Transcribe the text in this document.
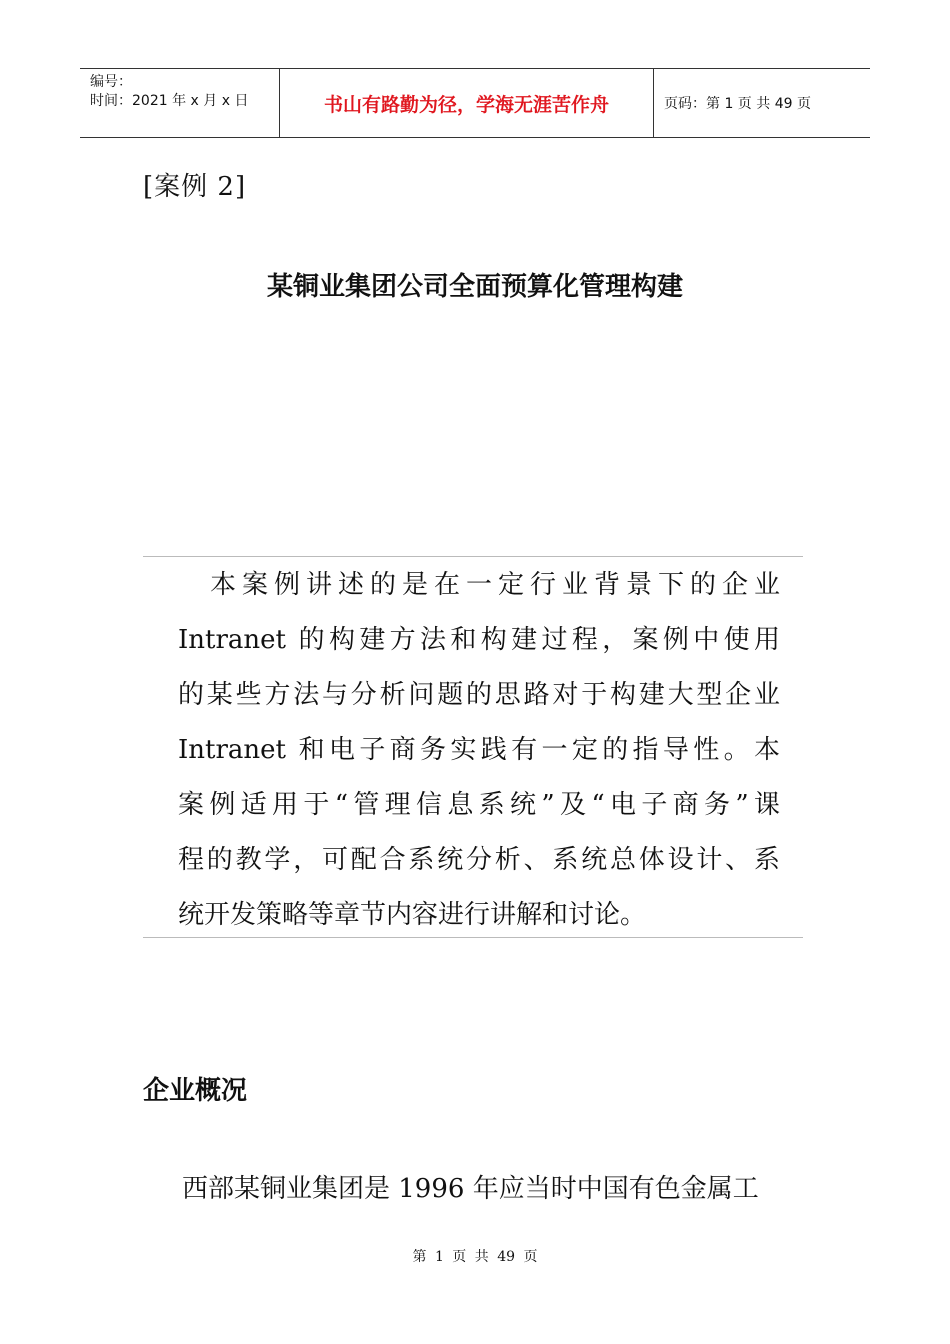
编号：
时间：2021 年 x 月 x 日	书山有路勤为径，学海无涯苦作舟	页码：第 1 页 共 49 页
[案例 2]
某铜业集团公司全面预算化管理构建
本案例讲述的是在一定行业背景下的企业
Intranet 的构建方法和构建过程，案例中使用
的某些方法与分析问题的思路对于构建大型企业
Intranet 和电子商务实践有一定的指导性。本
案例适用于“管理信息系统”及“电子商务”课
程的教学，可配合系统分析、系统总体设计、系
统开发策略等章节内容进行讲解和讨论。
企业概况
西部某铜业集团是 1996 年应当时中国有色金属工
第 1 页 共 49 页
